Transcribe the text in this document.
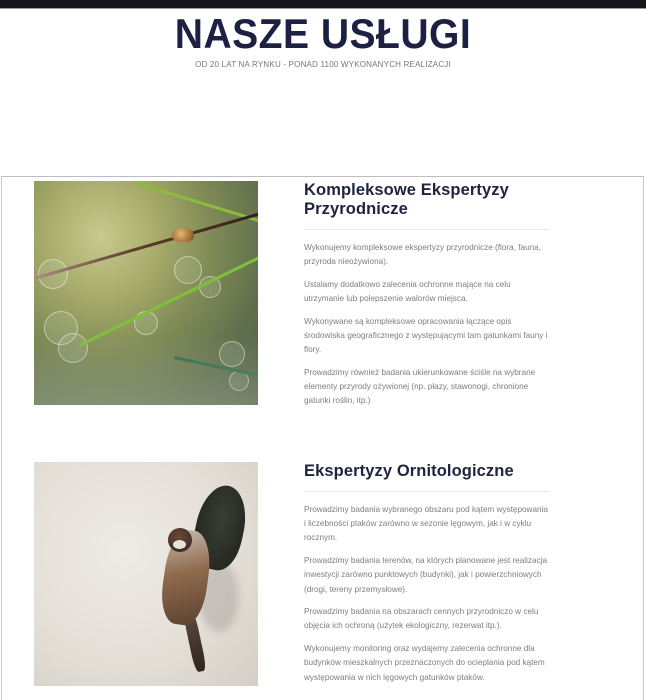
NASZE USŁUGI

OD 20 LAT NA RYNKU - PONAD 1100 WYKONANYCH REALIZACJI

Kompleksowe Ekspertyzy Przyrodnicze

Wykonujemy kompleksowe ekspertyzy przyrodnicze (flora, fauna, przyroda nieożywiona).

Ustalamy dodatkowo zalecenia ochronne mające na celu utrzymanie lub polepszenie walorów miejsca.

Wykonywane są kompleksowe opracowania łączące opis środowiska geograficznego z występującymi tam gatunkami fauny i flory.

Prowadzimy również badania ukierunkowane ściśle na wybrane elementy przyrody ożywionej (np. płazy, stawonogi, chronione gatunki roślin, itp.)

Ekspertyzy Ornitologiczne

Prowadzimy badania wybranego obszaru pod kątem występowania i liczebności ptaków zarówno w sezonie lęgowym, jak i w cyklu rocznym.

Prowadzimy badania terenów, na których planowane jest realizacja inwestycji zarówno punktowych (budynki), jak i powierzchniowych (drogi, tereny przemysłowe).

Prowadzimy badania na obszarach cennych przyrodniczo w celu objęcia ich ochroną (użytek ekologiczny, rezerwat itp.).

Wykonujemy monitoring oraz wydajemy zalecenia ochronne dla budynków mieszkalnych przeznaczonych do ocieplania pod kątem występowania w nich lęgowych gatunków ptaków.
